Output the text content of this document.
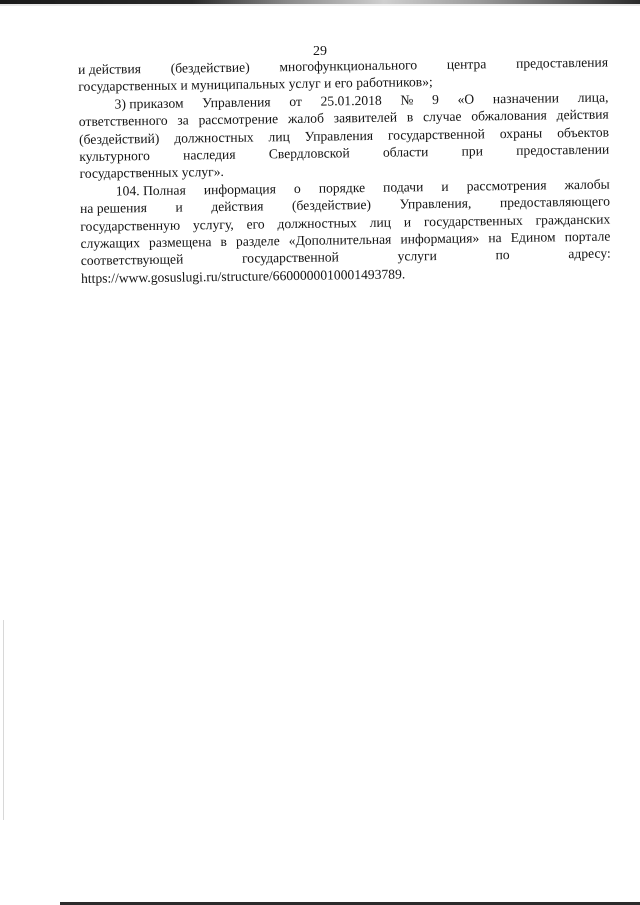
29
и действия (бездействие) многофункционального центра предоставления
государственных и муниципальных услуг и его работников»;
3) приказом Управления от 25.01.2018 № 9 «О назначении лица,
ответственного за рассмотрение жалоб заявителей в случае обжалования действия
(бездействий) должностных лиц Управления государственной охраны объектов
культурного наследия Свердловской области при предоставлении
государственных услуг».
104. Полная информация о порядке подачи и рассмотрения жалобы
на решения и действия (бездействие) Управления, предоставляющего
государственную услугу, его должностных лиц и государственных гражданских
служащих размещена в разделе «Дополнительная информация» на Едином портале
соответствующей	государственной	услуги	по	адресу:
https://www.gosuslugi.ru/structure/6600000010001493789.
